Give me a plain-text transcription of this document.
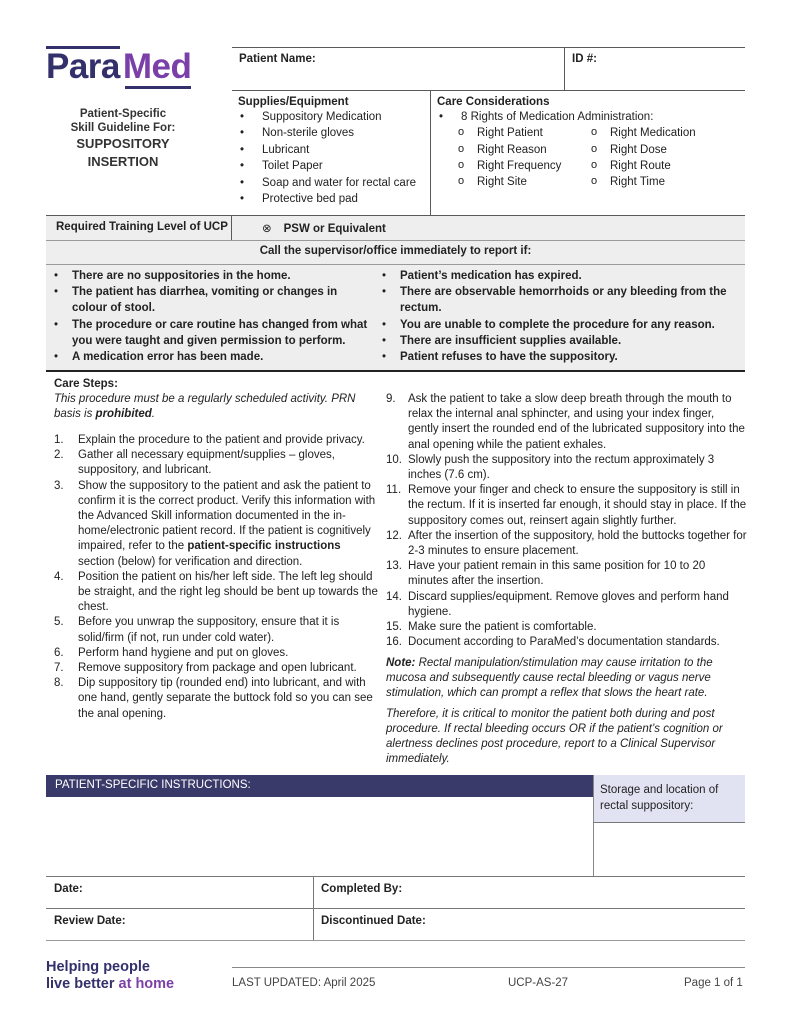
ParaMed
Patient-Specific
Skill Guideline For:
SUPPOSITORY
INSERTION
Patient Name:	ID #:
Supplies/Equipment
• Suppository Medication
• Non-sterile gloves
• Lubricant
• Toilet Paper
• Soap and water for rectal care
• Protective bed pad
Care Considerations
• 8 Rights of Medication Administration:
o Right Patient	o Right Medication
o Right Reason	o Right Dose
o Right Frequency	o Right Route
o Right Site	o Right Time
Required Training Level of UCP	⊗ PSW or Equivalent
Call the supervisor/office immediately to report if:
• There are no suppositories in the home.
• The patient has diarrhea, vomiting or changes in colour of stool.
• The procedure or care routine has changed from what you were taught and given permission to perform.
• A medication error has been made.
• Patient’s medication has expired.
• There are observable hemorrhoids or any bleeding from the rectum.
• You are unable to complete the procedure for any reason.
• There are insufficient supplies available.
• Patient refuses to have the suppository.
Care Steps:

This procedure must be a regularly scheduled activity. PRN basis is prohibited.

1. Explain the procedure to the patient and provide privacy.
2. Gather all necessary equipment/supplies – gloves, suppository, and lubricant.
3. Show the suppository to the patient and ask the patient to confirm it is the correct product. Verify this information with the Advanced Skill information documented in the in-home/electronic patient record. If the patient is cognitively impaired, refer to the patient-specific instructions section (below) for verification and direction.
4. Position the patient on his/her left side. The left leg should be straight, and the right leg should be bent up towards the chest.
5. Before you unwrap the suppository, ensure that it is solid/firm (if not, run under cold water).
6. Perform hand hygiene and put on gloves.
7. Remove suppository from package and open lubricant.
8. Dip suppository tip (rounded end) into lubricant, and with one hand, gently separate the buttock fold so you can see the anal opening.
9. Ask the patient to take a slow deep breath through the mouth to relax the internal anal sphincter, and using your index finger, gently insert the rounded end of the lubricated suppository into the anal opening while the patient exhales.
10. Slowly push the suppository into the rectum approximately 3 inches (7.6 cm).
11. Remove your finger and check to ensure the suppository is still in the rectum. If it is inserted far enough, it should stay in place. If the suppository comes out, reinsert again slightly further.
12. After the insertion of the suppository, hold the buttocks together for 2-3 minutes to ensure placement.
13. Have your patient remain in this same position for 10 to 20 minutes after the insertion.
14. Discard supplies/equipment. Remove gloves and perform hand hygiene.
15. Make sure the patient is comfortable.
16. Document according to ParaMed’s documentation standards.

Note: Rectal manipulation/stimulation may cause irritation to the mucosa and subsequently cause rectal bleeding or vagus nerve stimulation, which can prompt a reflex that slows the heart rate.

Therefore, it is critical to monitor the patient both during and post procedure. If rectal bleeding occurs OR if the patient’s cognition or alertness declines post procedure, report to a Clinical Supervisor immediately.

PATIENT-SPECIFIC INSTRUCTIONS:	Storage and location of rectal suppository:
Date:	Completed By:
Review Date:	Discontinued Date:
Helping people
live better at home	LAST UPDATED: April 2025	UCP-AS-27	Page 1 of 1
